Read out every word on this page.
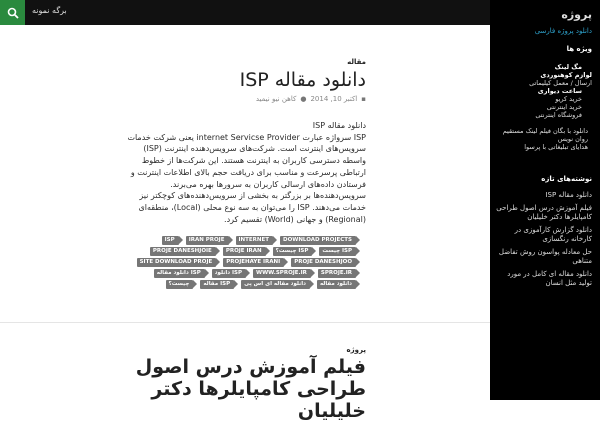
برگه نمونه	پروژه
دانلود پروژه فارسی
ویژه ها
مگ لینک
لوازم کوهنوردی
ارسال / معمل کیلیماتی
ساعت دیواری
خرید کریو
خرید اینترنتی
فروشگاه اینترنتی
دانلود با بگان فیلم لینک مستقیم
روان نویس
هدایای تبلیغاتی با پرسوا
نوشته‌های تازه
دانلود مقاله ISP
فیلم آموزش درس اصول طراحی کامپایلرها دکتر خلیلیان
دانلود گزارش کارآموزی در کارخانه رنگسازی
حل معادله پواسون روش تفاضل متناهی
دانلود مقاله ای کامل در مورد تولید مثل انسان
مقاله
دانلود مقاله ISP
▪
اکتبر 10, 2014
●
کاهن نیو نیمید
دانلود مقاله ISP
ISP سرواژه عبارت internet Servicse Provider یعنی شرکت خدمات سرویس‌های اینترنت است. شرکت‌های سرویس‌دهنده اینترنت (ISP) واسطه دسترسی کاربران به اینترنت هستند. این شرکت‌ها از خطوط ارتباطی پرسرعت و مناسب برای دریافت حجم بالای اطلاعات اینترنت و فرستادن داده‌های ارسالی کاربران به سرورها بهره می‌برند. سرویس‌دهنده‌ها بر بزرگتر به بخشی از سرویس‌دهنده‌های کوچکتر نیز خدمات می‌دهند. ISP را می‌توان به سه نوع محلی (Local)، منطقه‌ای (Regional) و جهانی (World) تقسیم کرد.
DOWNLOAD PROJECTS
INTERNET
IRAN PROJE
ISP
ISP چیست
ISP چیست؟
PROJE IRAN
PROJE DANESHJOIE
PROJE DANESHJOO
PROJEHAYE IRANI
SITE DOWNLOAD PROJE
SPROJE.IR
WWW.SPROJE.IR
ISP دانلود
ISP دانلود مقاله
دانلود مقاله
دانلود مقاله ای اس پی
ISP مقاله
چیست؟
پروژه
فیلم آموزش درس اصول طراحی کامپایلرها دکتر خلیلیان
